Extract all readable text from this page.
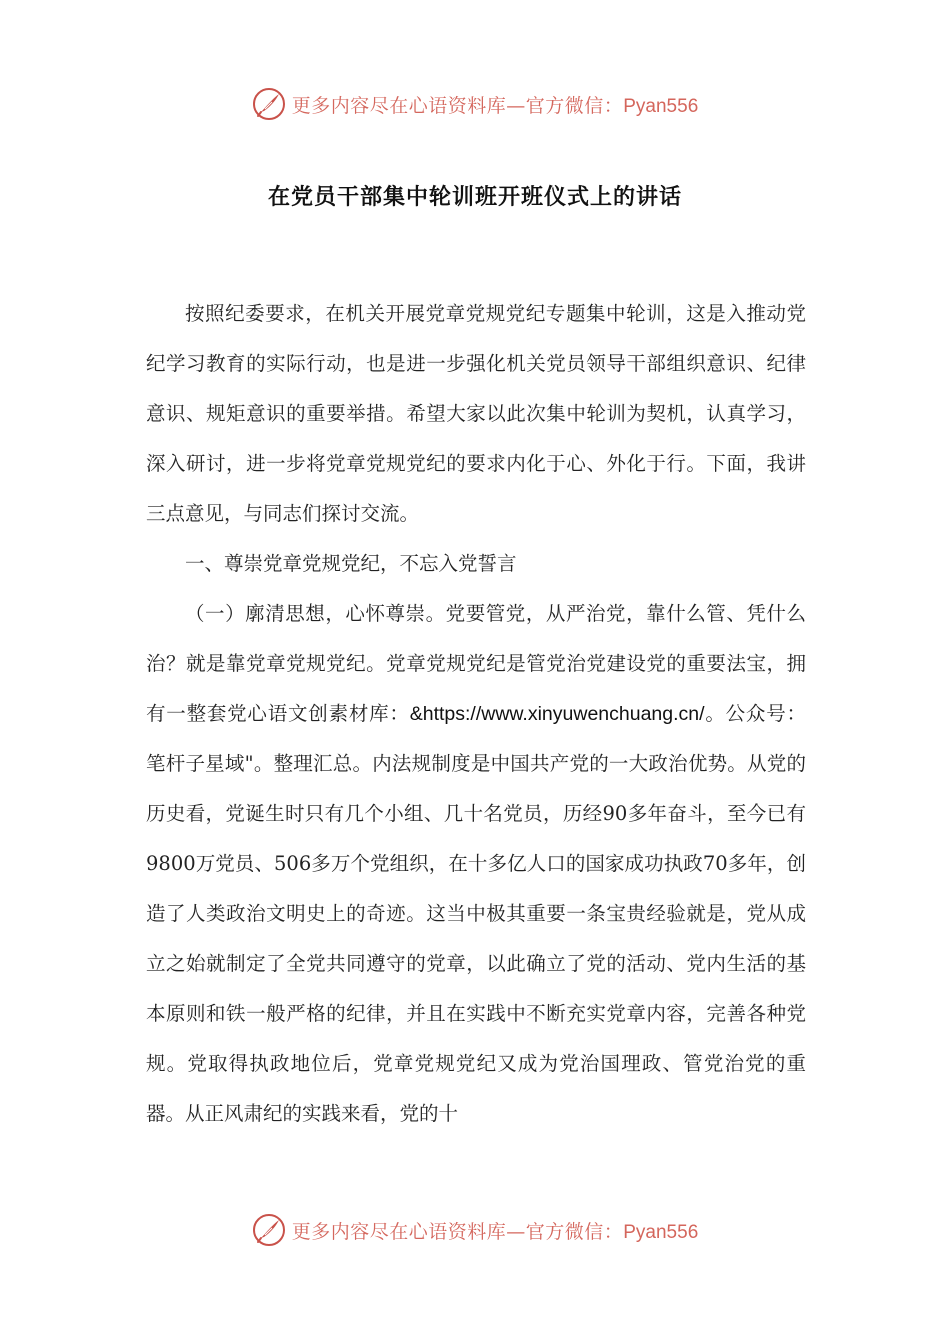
更多内容尽在心语资料库—官方微信：Pyan556
在党员干部集中轮训班开班仪式上的讲话

按照纪委要求，在机关开展党章党规党纪专题集中轮训，这是入推动党纪学习教育的实际行动，也是进一步强化机关党员领导干部组织意识、纪律意识、规矩意识的重要举措。希望大家以此次集中轮训为契机，认真学习，深入研讨，进一步将党章党规党纪的要求内化于心、外化于行。下面，我讲三点意见，与同志们探讨交流。

一、尊崇党章党规党纪，不忘入党誓言

（一）廓清思想，心怀尊崇。党要管党，从严治党，靠什么管、凭什么治？就是靠党章党规党纪。党章党规党纪是管党治党建设党的重要法宝，拥有一整套党心语文创素材库：&https://www.xinyuwenchuang.cn/。公众号：笔杆子星域"。整理汇总。内法规制度是中国共产党的一大政治优势。从党的历史看，党诞生时只有几个小组、几十名党员，历经90多年奋斗，至今已有9800万党员、506多万个党组织，在十多亿人口的国家成功执政70多年，创造了人类政治文明史上的奇迹。这当中极其重要一条宝贵经验就是，党从成立之始就制定了全党共同遵守的党章，以此确立了党的活动、党内生活的基本原则和铁一般严格的纪律，并且在实践中不断充实党章内容，完善各种党规。党取得执政地位后，党章党规党纪又成为党治国理政、管党治党的重器。从正风肃纪的实践来看，党的十

更多内容尽在心语资料库—官方微信：Pyan556
